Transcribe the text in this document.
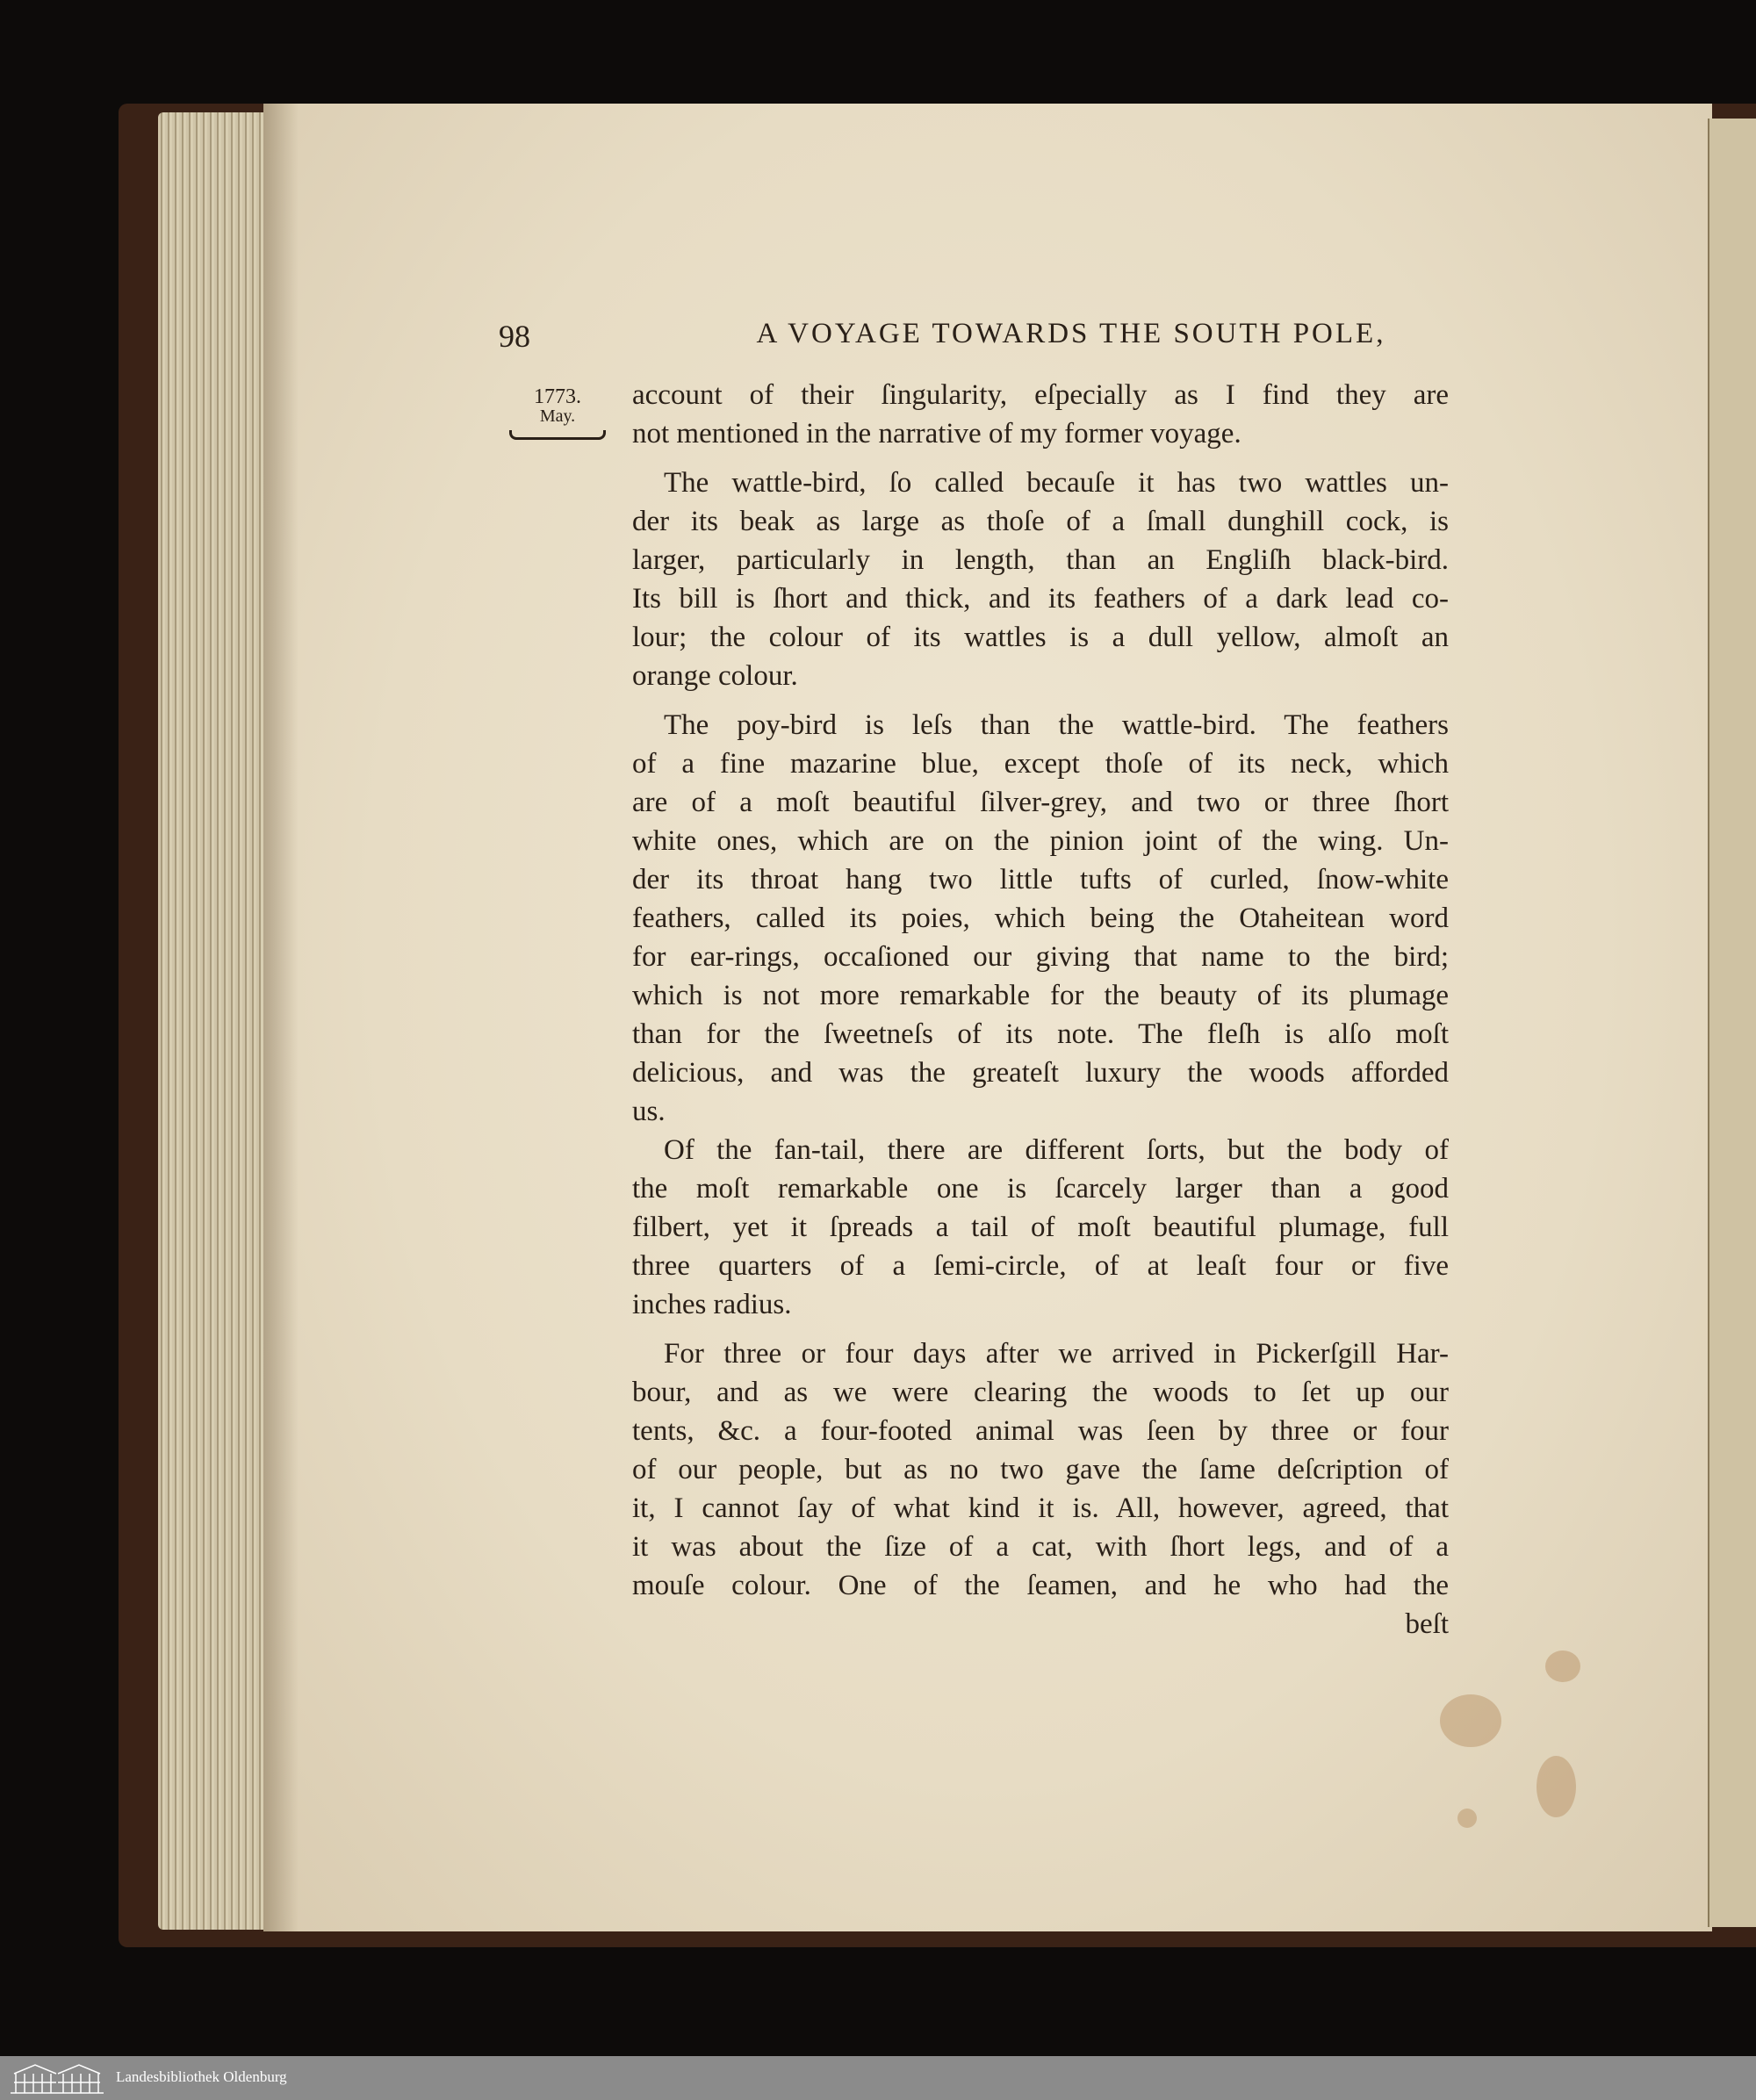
98	A VOYAGE TOWARDS THE SOUTH POLE,
1773.
May.
account of their ſingularity, eſpecially as I find they are
not mentioned in the narrative of my former voyage.
The wattle-bird, ſo called becauſe it has two wattles un-
der its beak as large as thoſe of a ſmall dunghill cock, is
larger, particularly in length, than an Engliſh black-bird.
Its bill is ſhort and thick, and its feathers of a dark lead co-
lour; the colour of its wattles is a dull yellow, almoſt an
orange colour.
The poy-bird is leſs than the wattle-bird. The feathers
of a fine mazarine blue, except thoſe of its neck, which
are of a moſt beautiful ſilver-grey, and two or three ſhort
white ones, which are on the pinion joint of the wing. Un-
der its throat hang two little tufts of curled, ſnow-white
feathers, called its poies, which being the Otaheitean word
for ear-rings, occaſioned our giving that name to the bird;
which is not more remarkable for the beauty of its plumage
than for the ſweetneſs of its note. The fleſh is alſo moſt
delicious, and was the greateſt luxury the woods afforded
us.
Of the fan-tail, there are different ſorts, but the body of
the moſt remarkable one is ſcarcely larger than a good
filbert, yet it ſpreads a tail of moſt beautiful plumage, full
three quarters of a ſemi-circle, of at leaſt four or five
inches radius.
For three or four days after we arrived in Pickerſgill Har-
bour, and as we were clearing the woods to ſet up our
tents, &c. a four-footed animal was ſeen by three or four
of our people, but as no two gave the ſame deſcription of
it, I cannot ſay of what kind it is. All, however, agreed, that
it was about the ſize of a cat, with ſhort legs, and of a
mouſe colour. One of the ſeamen, and he who had the
beſt
Landesbibliothek Oldenburg
